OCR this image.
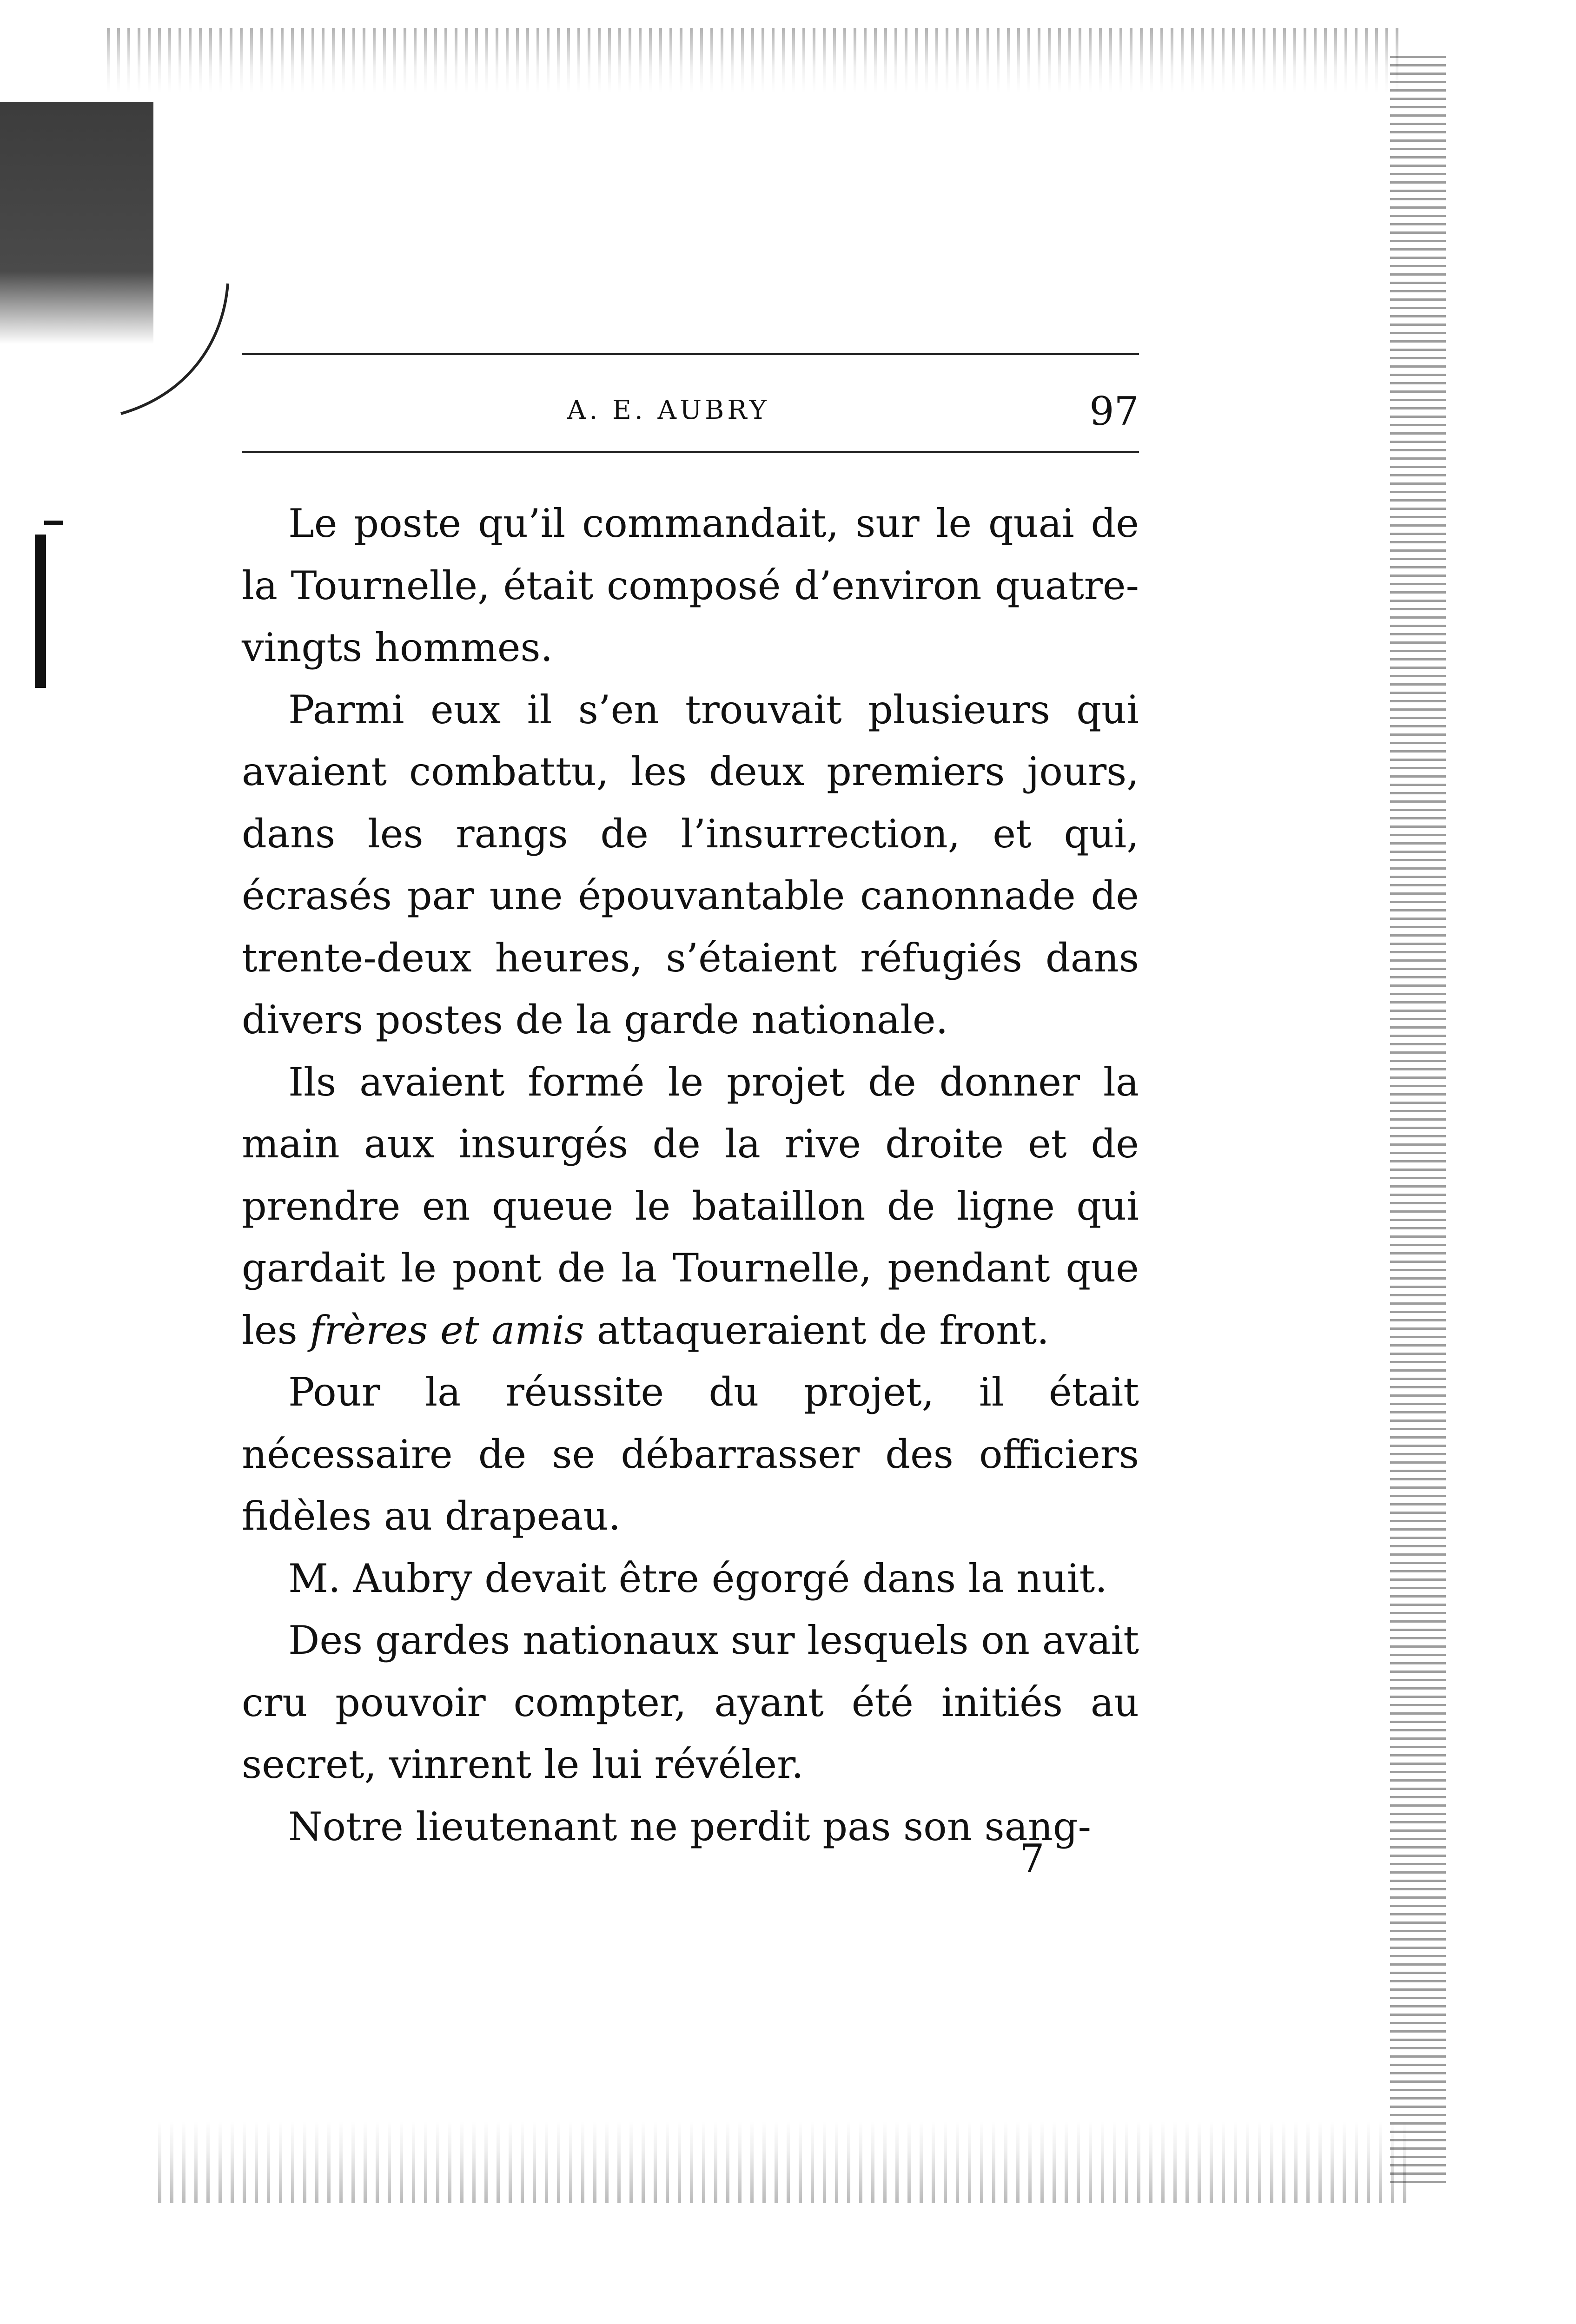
A. E. AUBRY	97

Le poste qu’il commandait, sur le quai de la Tournelle, était composé d’environ quatre-vingts hommes.

Parmi eux il s’en trouvait plusieurs qui avaient combattu, les deux premiers jours, dans les rangs de l’insurrection, et qui, écrasés par une épouvantable canonnade de trente-deux heures, s’étaient réfugiés dans divers postes de la garde nationale.

Ils avaient formé le projet de donner la main aux insurgés de la rive droite et de prendre en queue le bataillon de ligne qui gardait le pont de la Tournelle, pendant que les frères et amis attaqueraient de front.

Pour la réussite du projet, il était nécessaire de se débarrasser des officiers fidèles au drapeau.

M. Aubry devait être égorgé dans la nuit.

Des gardes nationaux sur lesquels on avait cru pouvoir compter, ayant été initiés au secret, vinrent le lui révéler.

Notre lieutenant ne perdit pas son sang-

7
